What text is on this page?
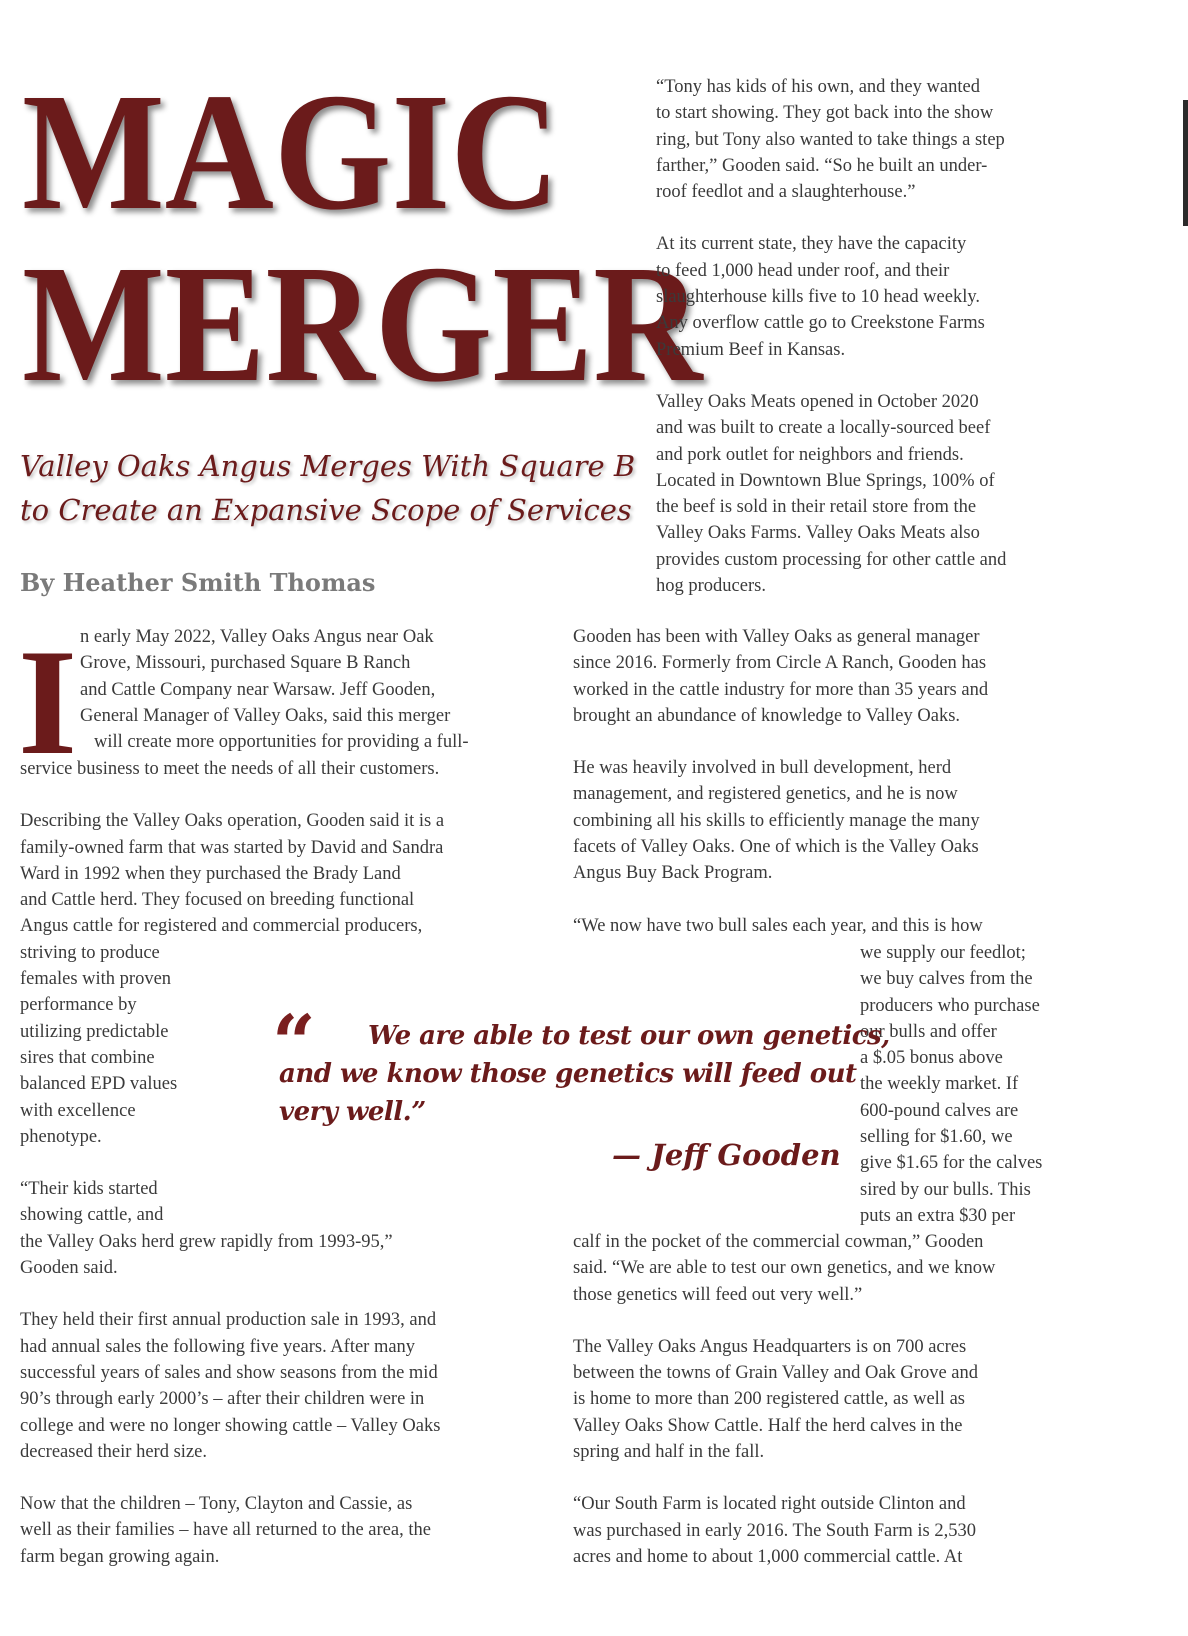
MAGIC
MERGER
Valley Oaks Angus Merges With Square B
to Create an Expansive Scope of Services
By Heather Smith Thomas

“Tony has kids of his own, and they wanted
to start showing. They got back into the show
ring, but Tony also wanted to take things a step
farther,” Gooden said. “So he built an under-
roof feedlot and a slaughterhouse.”

At its current state, they have the capacity
to feed 1,000 head under roof, and their
slaughterhouse kills five to 10 head weekly.
Any overflow cattle go to Creekstone Farms
Premium Beef in Kansas.

Valley Oaks Meats opened in October 2020
and was built to create a locally-sourced beef
and pork outlet for neighbors and friends.
Located in Downtown Blue Springs, 100% of
the beef is sold in their retail store from the
Valley Oaks Farms. Valley Oaks Meats also
provides custom processing for other cattle and
hog producers.

I n early May 2022, Valley Oaks Angus near Oak
Grove, Missouri, purchased Square B Ranch
and Cattle Company near Warsaw. Jeff Gooden,
General Manager of Valley Oaks, said this merger
will create more opportunities for providing a full-

service business to meet the needs of all their customers.

Describing the Valley Oaks operation, Gooden said it is a
family-owned farm that was started by David and Sandra
Ward in 1992 when they purchased the Brady Land
and Cattle herd. They focused on breeding functional
Angus cattle for registered and commercial producers,
striving to produce
females with proven
performance by
utilizing predictable
sires that combine
balanced EPD values
with excellence
phenotype.

“Their kids started
showing cattle, and
the Valley Oaks herd grew rapidly from 1993-95,”
Gooden said.

They held their first annual production sale in 1993, and
had annual sales the following five years. After many
successful years of sales and show seasons from the mid
90’s through early 2000’s – after their children were in
college and were no longer showing cattle – Valley Oaks
decreased their herd size.

Now that the children – Tony, Clayton and Cassie, as
well as their families – have all returned to the area, the
farm began growing again.

Gooden has been with Valley Oaks as general manager
since 2016. Formerly from Circle A Ranch, Gooden has
worked in the cattle industry for more than 35 years and
brought an abundance of knowledge to Valley Oaks.

He was heavily involved in bull development, herd
management, and registered genetics, and he is now
combining all his skills to efficiently manage the many
facets of Valley Oaks. One of which is the Valley Oaks
Angus Buy Back Program.

“We now have two bull sales each year, and this is how

we supply our feedlot;
we buy calves from the
producers who purchase
our bulls and offer
a $.05 bonus above
the weekly market. If
600-pound calves are
selling for $1.60, we
give $1.65 for the calves
sired by our bulls. This
puts an extra $30 per

calf in the pocket of the commercial cowman,” Gooden
said. “We are able to test our own genetics, and we know
those genetics will feed out very well.”

The Valley Oaks Angus Headquarters is on 700 acres
between the towns of Grain Valley and Oak Grove and
is home to more than 200 registered cattle, as well as
Valley Oaks Show Cattle. Half the herd calves in the
spring and half in the fall.

“Our South Farm is located right outside Clinton and
was purchased in early 2016. The South Farm is 2,530
acres and home to about 1,000 commercial cattle. At

“ We are able to test our own genetics,
and we know those genetics will feed out
very well.”
— Jeff Gooden
